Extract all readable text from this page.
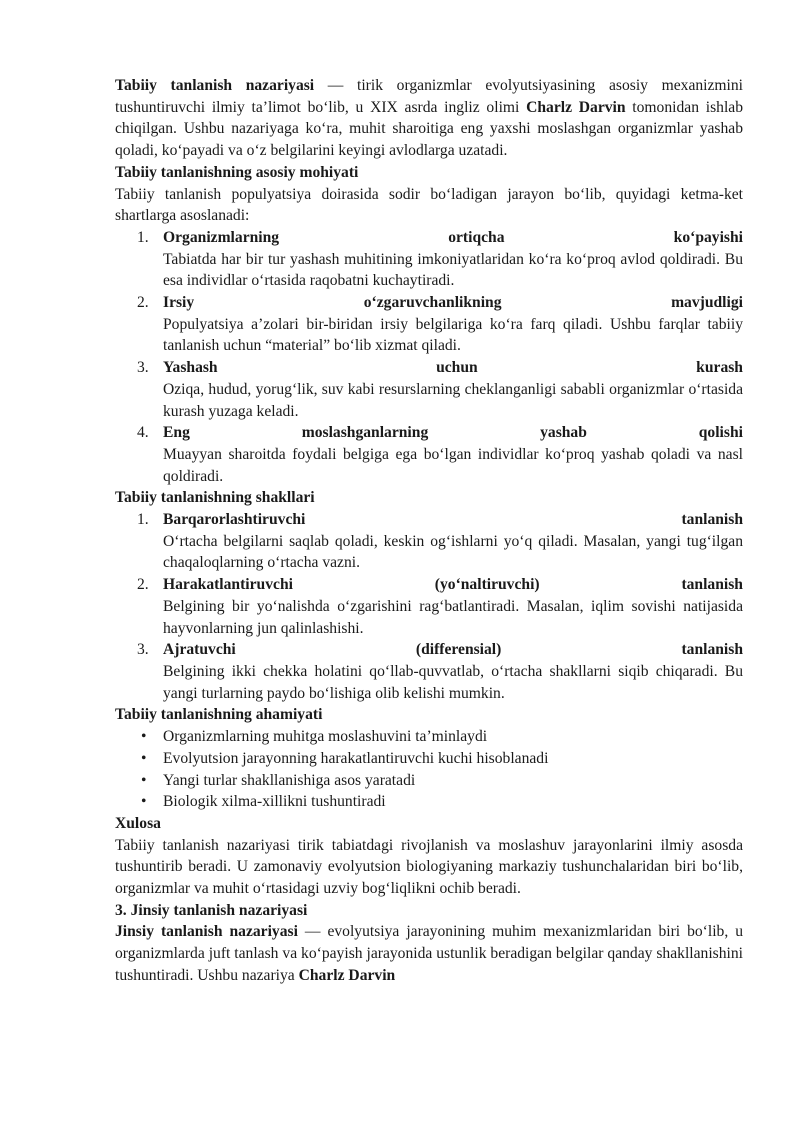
Tabiiy tanlanish nazariyasi — tirik organizmlar evolyutsiyasining asosiy mexanizmini tushuntiruvchi ilmiy ta’limot bo‘lib, u XIX asrda ingliz olimi Charlz Darvin tomonidan ishlab chiqilgan. Ushbu nazariyaga ko‘ra, muhit sharoitiga eng yaxshi moslashgan organizmlar yashab qoladi, ko‘payadi va o‘z belgilarini keyingi avlodlarga uzatadi.

Tabiiy tanlanishning asosiy mohiyati

Tabiiy tanlanish populyatsiya doirasida sodir bo‘ladigan jarayon bo‘lib, quyidagi ketma-ket shartlarga asoslanadi:

1. Organizmlarning	ortiqcha	ko‘payishi
Tabiatda har bir tur yashash muhitining imkoniyatlaridan ko‘ra ko‘proq avlod qoldiradi. Bu esa individlar o‘rtasida raqobatni kuchaytiradi.
2. Irsiy	o‘zgaruvchanlikning	mavjudligi
Populyatsiya a’zolari bir-biridan irsiy belgilariga ko‘ra farq qiladi. Ushbu farqlar tabiiy tanlanish uchun “material” bo‘lib xizmat qiladi.
3. Yashash	uchun	kurash
Oziqa, hudud, yorug‘lik, suv kabi resurslarning cheklanganligi sababli organizmlar o‘rtasida kurash yuzaga keladi.
4. Eng	moslashganlarning	yashab	qolishi
Muayyan sharoitda foydali belgiga ega bo‘lgan individlar ko‘proq yashab qoladi va nasl qoldiradi.
Tabiiy tanlanishning shakllari
1. Barqarorlashtiruvchi	tanlanish
O‘rtacha belgilarni saqlab qoladi, keskin og‘ishlarni yo‘q qiladi. Masalan, yangi tug‘ilgan chaqaloqlarning o‘rtacha vazni.
2. Harakatlantiruvchi	(yo‘naltiruvchi)	tanlanish
Belgining bir yo‘nalishda o‘zgarishini rag‘batlantiradi. Masalan, iqlim sovishi natijasida hayvonlarning jun qalinlashishi.
3. Ajratuvchi	(differensial)	tanlanish
Belgining ikki chekka holatini qo‘llab-quvvatlab, o‘rtacha shakllarni siqib chiqaradi. Bu yangi turlarning paydo bo‘lishiga olib kelishi mumkin.
Tabiiy tanlanishning ahamiyati
• Organizmlarning muhitga moslashuvini ta’minlaydi
• Evolyutsion jarayonning harakatlantiruvchi kuchi hisoblanadi
• Yangi turlar shakllanishiga asos yaratadi
• Biologik xilma-xillikni tushuntiradi
Xulosa

Tabiiy tanlanish nazariyasi tirik tabiatdagi rivojlanish va moslashuv jarayonlarini ilmiy asosda tushuntirib beradi. U zamonaviy evolyutsion biologiyaning markaziy tushunchalaridan biri bo‘lib, organizmlar va muhit o‘rtasidagi uzviy bog‘liqlikni ochib beradi.

3. Jinsiy tanlanish nazariyasi

Jinsiy tanlanish nazariyasi — evolyutsiya jarayonining muhim mexanizmlaridan biri bo‘lib, u organizmlarda juft tanlash va ko‘payish jarayonida ustunlik beradigan belgilar qanday shakllanishini tushuntiradi. Ushbu nazariya Charlz Darvin
